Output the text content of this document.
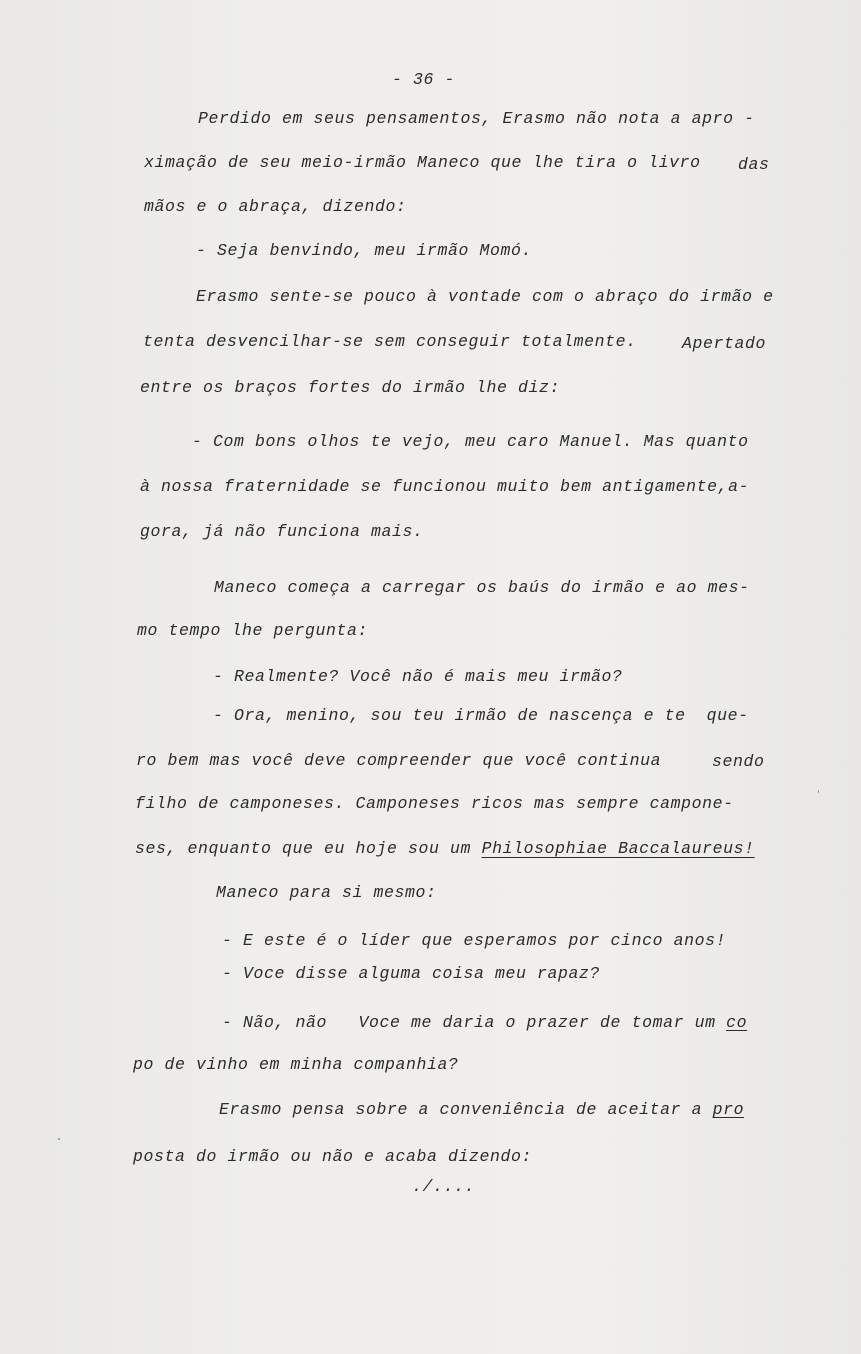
- 36 -
Perdido em seus pensamentos, Erasmo não nota a apro -
ximação de seu meio-irmão Maneco que lhe tira o livro das
mãos e o abraça, dizendo:
- Seja benvindo, meu irmão Momó.
Erasmo sente-se pouco à vontade com o abraço do irmão e
tenta desvencilhar-se sem conseguir totalmente.	Apertado
entre os braços fortes do irmão lhe diz:
- Com bons olhos te vejo, meu caro Manuel. Mas quanto
à nossa fraternidade se funcionou muito bem antigamente,a-
gora, já não funciona mais.
Maneco começa a carregar os baús do irmão e ao mes-
mo tempo lhe pergunta:
- Realmente? Você não é mais meu irmão?
- Ora, menino, sou teu irmão de nascença e te  que-
ro bem mas você deve compreender que você continua	sendo
filho de camponeses. Camponeses ricos mas sempre campone-
ses, enquanto que eu hoje sou um Philosophiae Baccalaureus!
Maneco para si mesmo:
- E este é o líder que esperamos por cinco anos!
- Voce disse alguma coisa meu rapaz?
- Não, não   Voce me daria o prazer de tomar um co
po de vinho em minha companhia?
Erasmo pensa sobre a conveniência de aceitar a pro
posta do irmão ou não e acaba dizendo:
./....
